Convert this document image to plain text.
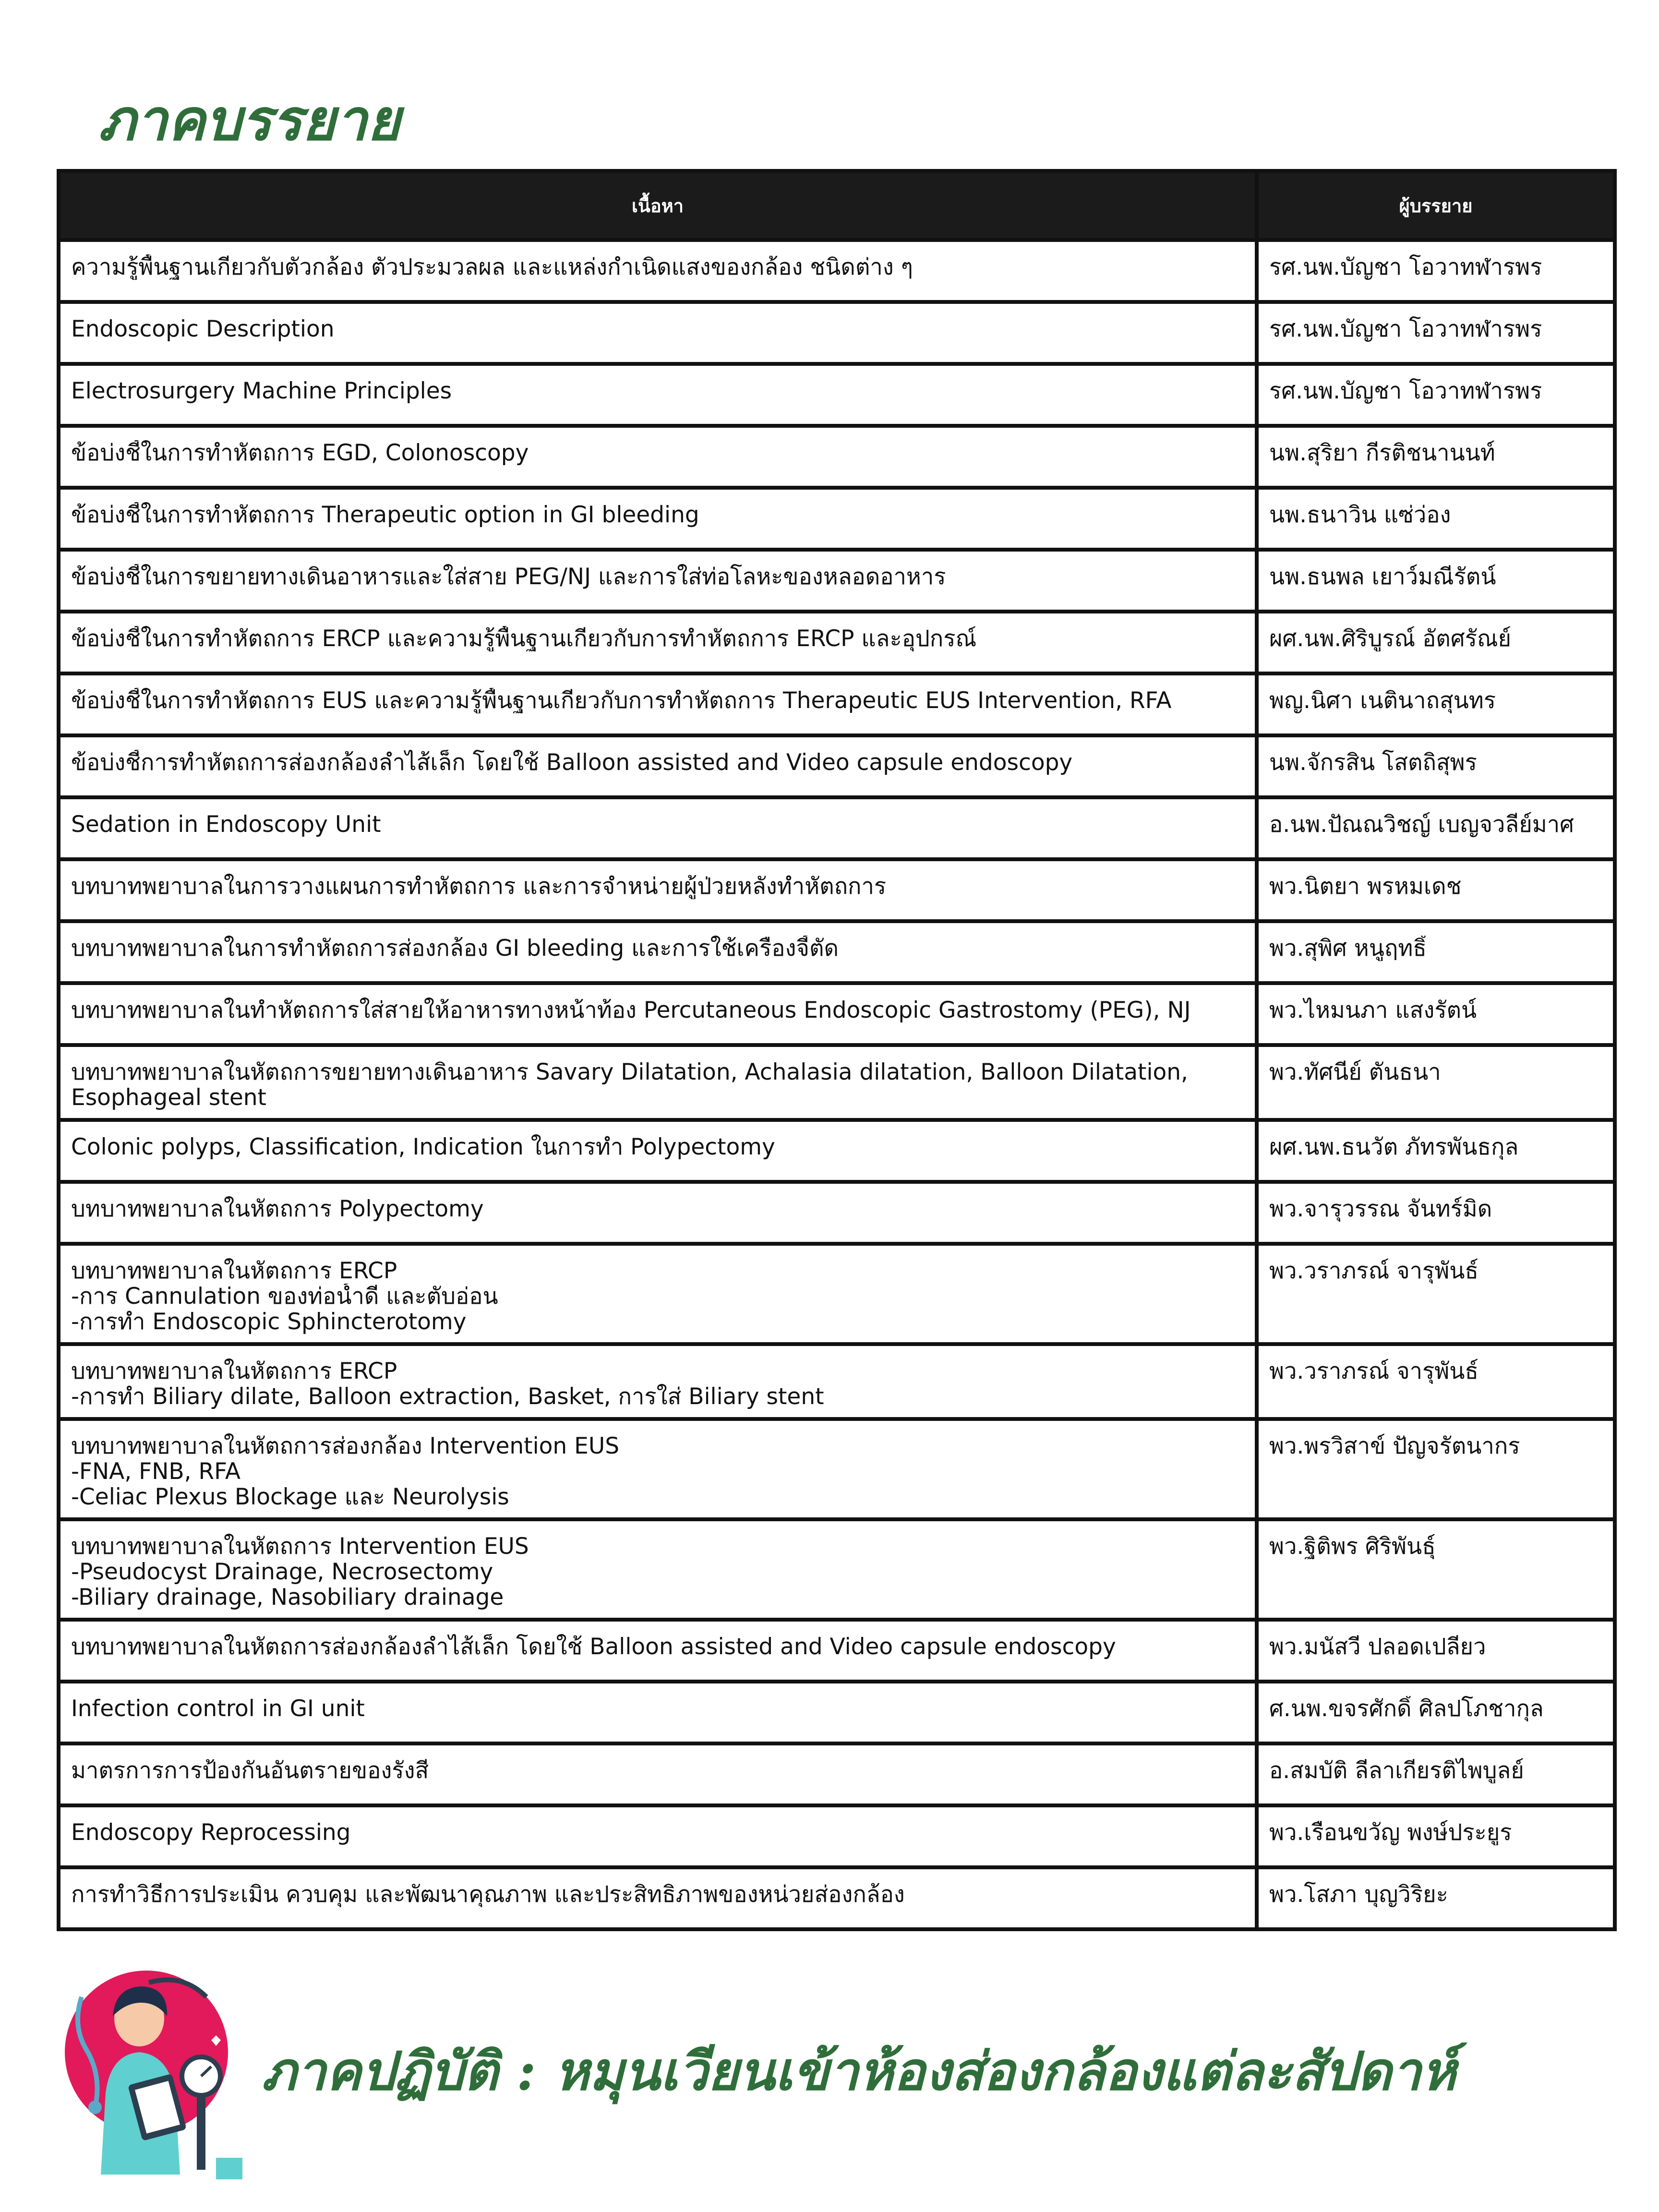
ภาคบรรยาย
เนื้อหา	ผู้บรรยาย

ความรู้พื้นฐานเกี่ยวกับตัวกล้อง ตัวประมวลผล และแหล่งกำเนิดแสงของกล้อง ชนิดต่าง ๆ	รศ.นพ.บัญชา โอวาทฬารพร

Endoscopic Description	รศ.นพ.บัญชา โอวาทฬารพร

Electrosurgery Machine Principles	รศ.นพ.บัญชา โอวาทฬารพร

ข้อบ่งชี้ในการทำหัตถการ EGD, Colonoscopy	นพ.สุริยา กีรติชนานนท์

ข้อบ่งชี้ในการทำหัตถการ Therapeutic option in GI bleeding	นพ.ธนาวิน แซ่ว่อง

ข้อบ่งชี้ในการขยายทางเดินอาหารและใส่สาย PEG/NJ และการใส่ท่อโลหะของหลอดอาหาร	นพ.ธนพล เยาว์มณีรัตน์

ข้อบ่งชี้ในการทำหัตถการ ERCP และความรู้พื้นฐานเกี่ยวกับการทำหัตถการ ERCP และอุปกรณ์	ผศ.นพ.ศิริบูรณ์ อัตศรัณย์

ข้อบ่งชี้ในการทำหัตถการ EUS และความรู้พื้นฐานเกี่ยวกับการทำหัตถการ Therapeutic EUS Intervention, RFA	พญ.นิศา เนตินาถสุนทร

ข้อบ่งชี้การทำหัตถการส่องกล้องลำไส้เล็ก โดยใช้ Balloon assisted and Video capsule endoscopy	นพ.จักรสิน โสตถิสุพร

Sedation in Endoscopy Unit	อ.นพ.ปัณณวิชญ์ เบญจวลีย์มาศ

บทบาทพยาบาลในการวางแผนการทำหัตถการ และการจำหน่ายผู้ป่วยหลังทำหัตถการ	พว.นิตยา พรหมเดช

บทบาทพยาบาลในการทำหัตถการส่องกล้อง GI bleeding และการใช้เครื่องจี้ตัด	พว.สุพิศ หนูฤทธิ์

บทบาทพยาบาลในทำหัตถการใส่สายให้อาหารทางหน้าท้อง Percutaneous Endoscopic Gastrostomy (PEG), NJ	พว.ไหมนภา แสงรัตน์

บทบาทพยาบาลในหัตถการขยายทางเดินอาหาร Savary Dilatation, Achalasia dilatation, Balloon Dilatation,
Esophageal stent	พว.ทัศนีย์ ตันธนา

Colonic polyps, Classification, Indication ในการทำ Polypectomy	ผศ.นพ.ธนวัต ภัทรพันธกุล

บทบาทพยาบาลในหัตถการ Polypectomy	พว.จารุวรรณ จันทร์มิด

บทบาทพยาบาลในหัตถการ ERCP
-การ Cannulation ของท่อน้ำดี และตับอ่อน
-การทำ Endoscopic Sphincterotomy	พว.วราภรณ์ จารุพันธ์

บทบาทพยาบาลในหัตถการ ERCP
-การทำ Biliary dilate, Balloon extraction, Basket, การใส่ Biliary stent	พว.วราภรณ์ จารุพันธ์

บทบาทพยาบาลในหัตถการส่องกล้อง Intervention EUS
-FNA, FNB, RFA
-Celiac Plexus Blockage และ Neurolysis	พว.พรวิสาข์ ปัญจรัตนากร

บทบาทพยาบาลในหัตถการ Intervention EUS
-Pseudocyst Drainage, Necrosectomy
-Biliary drainage, Nasobiliary drainage	พว.ฐิติพร ศิริพันธุ์

บทบาทพยาบาลในหัตถการส่องกล้องลำไส้เล็ก โดยใช้ Balloon assisted and Video capsule endoscopy	พว.มนัสวี ปลอดเปลี่ยว

Infection control in GI unit	ศ.นพ.ขจรศักดิ์ ศิลปโภชากุล

มาตรการการป้องกันอันตรายของรังสี	อ.สมบัติ ลีลาเกียรติไพบูลย์

Endoscopy Reprocessing	พว.เรือนขวัญ พงษ์ประยูร

การทำวิธีการประเมิน ควบคุม และพัฒนาคุณภาพ และประสิทธิภาพของหน่วยส่องกล้อง	พว.โสภา บุญวิริยะ
ภาคปฏิบัติ : หมุนเวียนเข้าห้องส่องกล้องแต่ละสัปดาห์
